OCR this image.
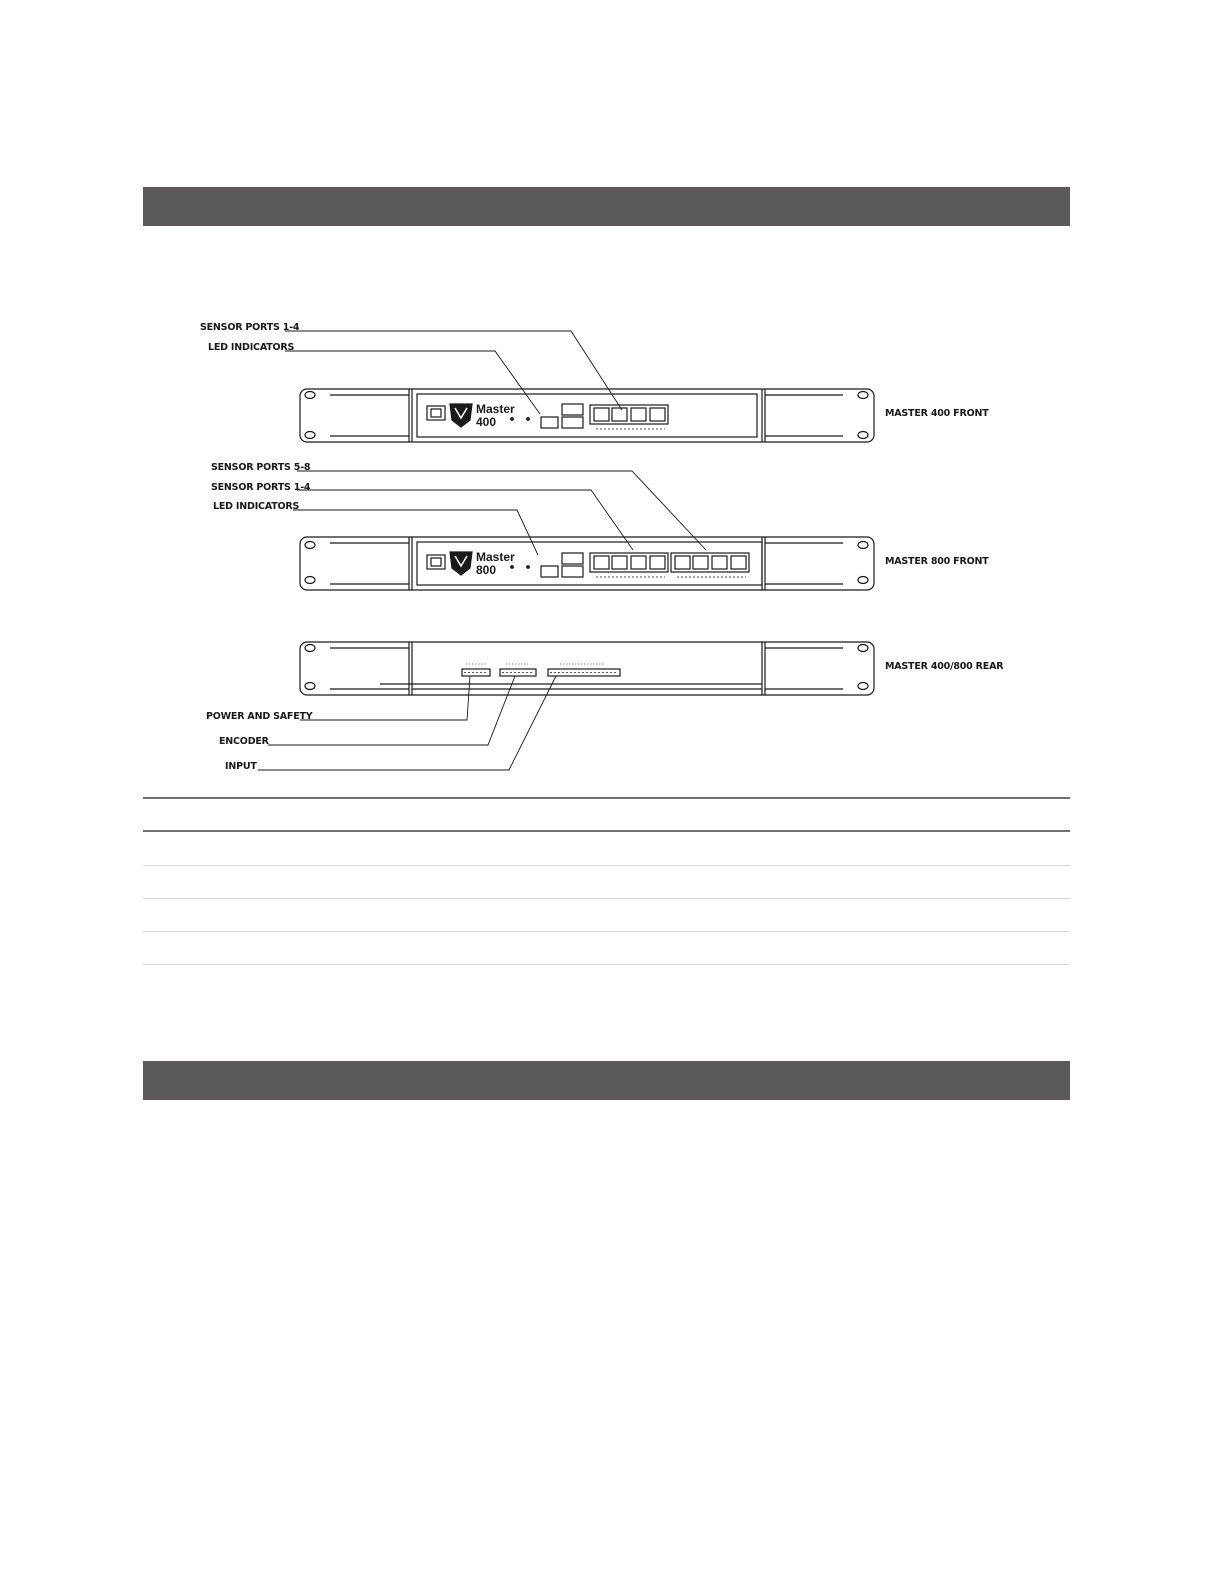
SENSOR PORTS 1-4
LED INDICATORS
MASTER 400 FRONT
SENSOR PORTS 5-8
SENSOR PORTS 1-4
LED INDICATORS
MASTER 800 FRONT
MASTER 400/800 REAR
POWER AND SAFETY
ENCODER
INPUT
Master
400
Master
800
